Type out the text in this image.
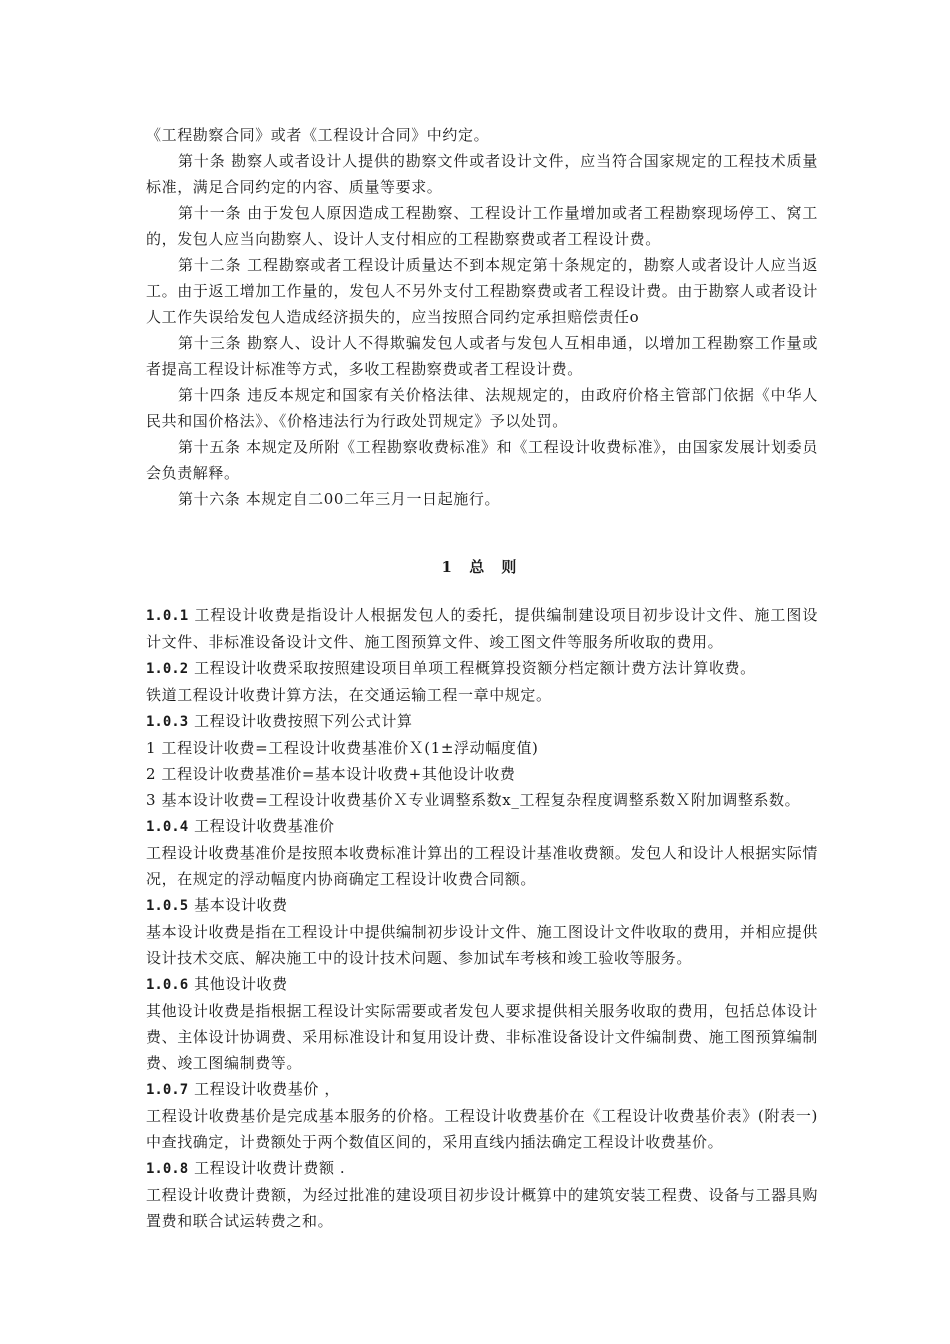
《工程勘察合同》或者《工程设计合同》中约定。

第十条 勘察人或者设计人提供的勘察文件或者设计文件，应当符合国家规定的工程技术质量标准，满足合同约定的内容、质量等要求。

第十一条 由于发包人原因造成工程勘察、工程设计工作量增加或者工程勘察现场停工、窝工的，发包人应当向勘察人、设计人支付相应的工程勘察费或者工程设计费。

第十二条 工程勘察或者工程设计质量达不到本规定第十条规定的，勘察人或者设计人应当返工。由于返工增加工作量的，发包人不另外支付工程勘察费或者工程设计费。由于勘察人或者设计人工作失误给发包人造成经济损失的，应当按照合同约定承担赔偿责任o

第十三条 勘察人、设计人不得欺骗发包人或者与发包人互相串通，以增加工程勘察工作量或者提高工程设计标准等方式，多收工程勘察费或者工程设计费。

第十四条 违反本规定和国家有关价格法律、法规规定的，由政府价格主管部门依据《中华人民共和国价格法》、《价格违法行为行政处罚规定》予以处罚。

第十五条 本规定及所附《工程勘察收费标准》和《工程设计收费标准》，由国家发展计划委员会负责解释。

第十六条 本规定自二00二年三月一日起施行。

1 总 则

1.0.1 工程设计收费是指设计人根据发包人的委托，提供编制建设项目初步设计文件、施工图设计文件、非标准设备设计文件、施工图预算文件、竣工图文件等服务所收取的费用。

1.0.2 工程设计收费采取按照建设项目单项工程概算投资额分档定额计费方法计算收费。

铁道工程设计收费计算方法，在交通运输工程一章中规定。

1.0.3 工程设计收费按照下列公式计算

1 工程设计收费=工程设计收费基准价Ｘ(1±浮动幅度值)

2 工程设计收费基准价=基本设计收费+其他设计收费

3 基本设计收费=工程设计收费基价Ｘ专业调整系数x_工程复杂程度调整系数Ｘ附加调整系数。

1.0.4 工程设计收费基准价

工程设计收费基准价是按照本收费标准计算出的工程设计基准收费额。发包人和设计人根据实际情况，在规定的浮动幅度内协商确定工程设计收费合同额。

1.0.5 基本设计收费

基本设计收费是指在工程设计中提供编制初步设计文件、施工图设计文件收取的费用，并相应提供设计技术交底、解决施工中的设计技术问题、参加试车考核和竣工验收等服务。

1.0.6 其他设计收费

其他设计收费是指根据工程设计实际需要或者发包人要求提供相关服务收取的费用，包括总体设计费、主体设计协调费、采用标准设计和复用设计费、非标准设备设计文件编制费、施工图预算编制费、竣工图编制费等。

1.0.7 工程设计收费基价 ，

工程设计收费基价是完成基本服务的价格。工程设计收费基价在《工程设计收费基价表》(附表一)中查找确定，计费额处于两个数值区间的，采用直线内插法确定工程设计收费基价。

1.0.8 工程设计收费计费额 .

工程设计收费计费额，为经过批准的建设项目初步设计概算中的建筑安装工程费、设备与工器具购置费和联合试运转费之和。
